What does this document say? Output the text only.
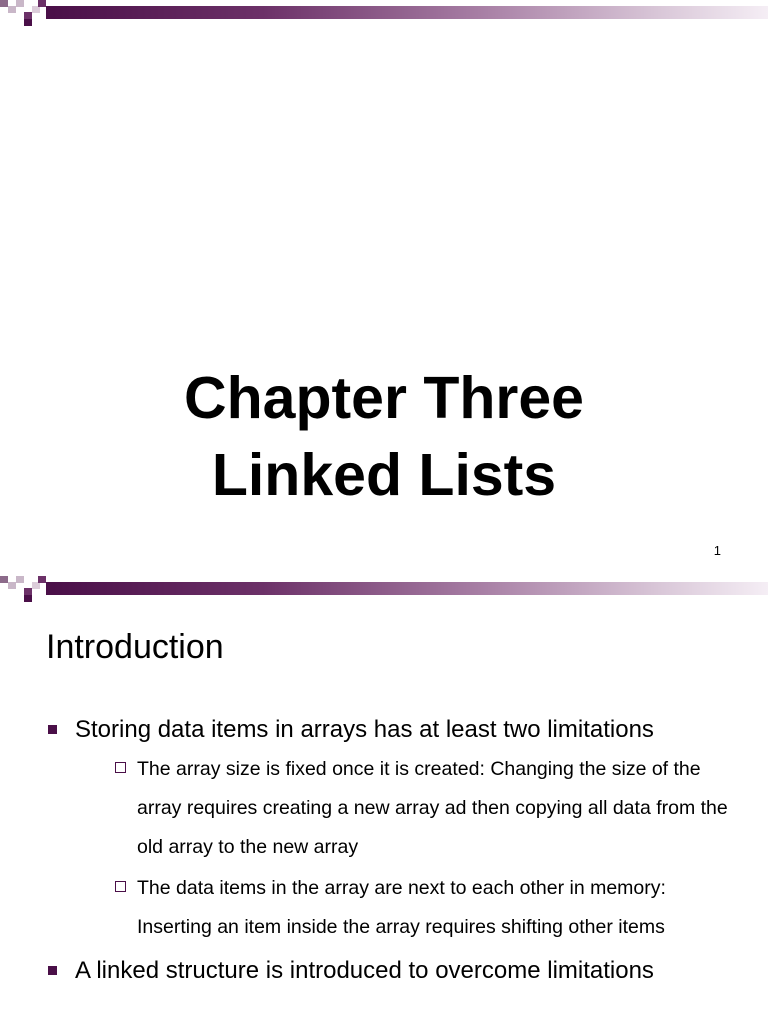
Chapter Three
Linked Lists
1
Introduction
Storing data items in arrays has at least two limitations
The array size is fixed once it is created: Changing the size of the array requires creating a new array ad then copying all data from the old array to the new array
The data items in the array are next to each other in memory: Inserting an item inside the array requires shifting other items
A linked structure is introduced to overcome limitations
